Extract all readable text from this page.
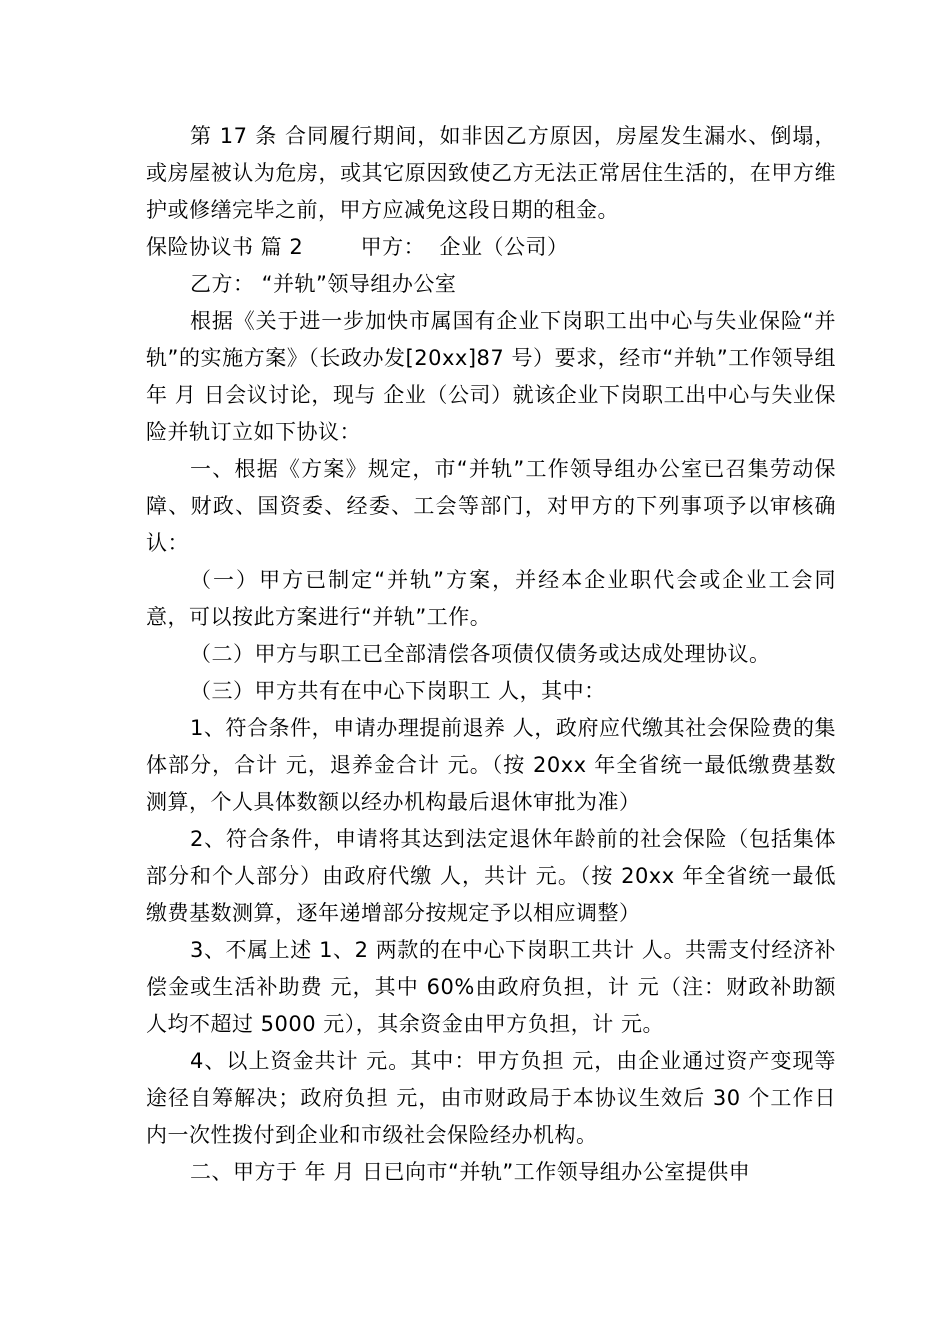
第 17 条 合同履行期间，如非因乙方原因，房屋发生漏水、倒塌，或房屋被认为危房，或其它原因致使乙方无法正常居住生活的，在甲方维护或修缮完毕之前，甲方应减免这段日期的租金。

保险协议书 篇 2        甲方：  企业（公司）

乙方： “并轨”领导组办公室

根据《关于进一步加快市属国有企业下岗职工出中心与失业保险“并轨”的实施方案》（长政办发[20xx]87 号）要求，经市“并轨”工作领导组 年 月 日会议讨论，现与 企业（公司）就该企业下岗职工出中心与失业保险并轨订立如下协议：

一、根据《方案》规定，市“并轨”工作领导组办公室已召集劳动保障、财政、国资委、经委、工会等部门，对甲方的下列事项予以审核确认：

（一）甲方已制定“并轨”方案，并经本企业职代会或企业工会同意，可以按此方案进行“并轨”工作。

（二）甲方与职工已全部清偿各项债仅债务或达成处理协议。

（三）甲方共有在中心下岗职工 人，其中：

1、符合条件，申请办理提前退养 人，政府应代缴其社会保险费的集体部分，合计 元，退养金合计 元。（按 20xx 年全省统一最低缴费基数测算，个人具体数额以经办机构最后退休审批为准）

2、符合条件，申请将其达到法定退休年龄前的社会保险（包括集体部分和个人部分）由政府代缴 人，共计 元。（按 20xx 年全省统一最低缴费基数测算，逐年递增部分按规定予以相应调整）

3、不属上述 1、2 两款的在中心下岗职工共计 人。共需支付经济补偿金或生活补助费 元，其中 60%由政府负担，计 元（注：财政补助额人均不超过 5000 元），其余资金由甲方负担，计 元。

4、以上资金共计 元。其中：甲方负担 元，由企业通过资产变现等途径自筹解决；政府负担 元，由市财政局于本协议生效后 30 个工作日内一次性拨付到企业和市级社会保险经办机构。

二、甲方于 年 月 日已向市“并轨”工作领导组办公室提供申
